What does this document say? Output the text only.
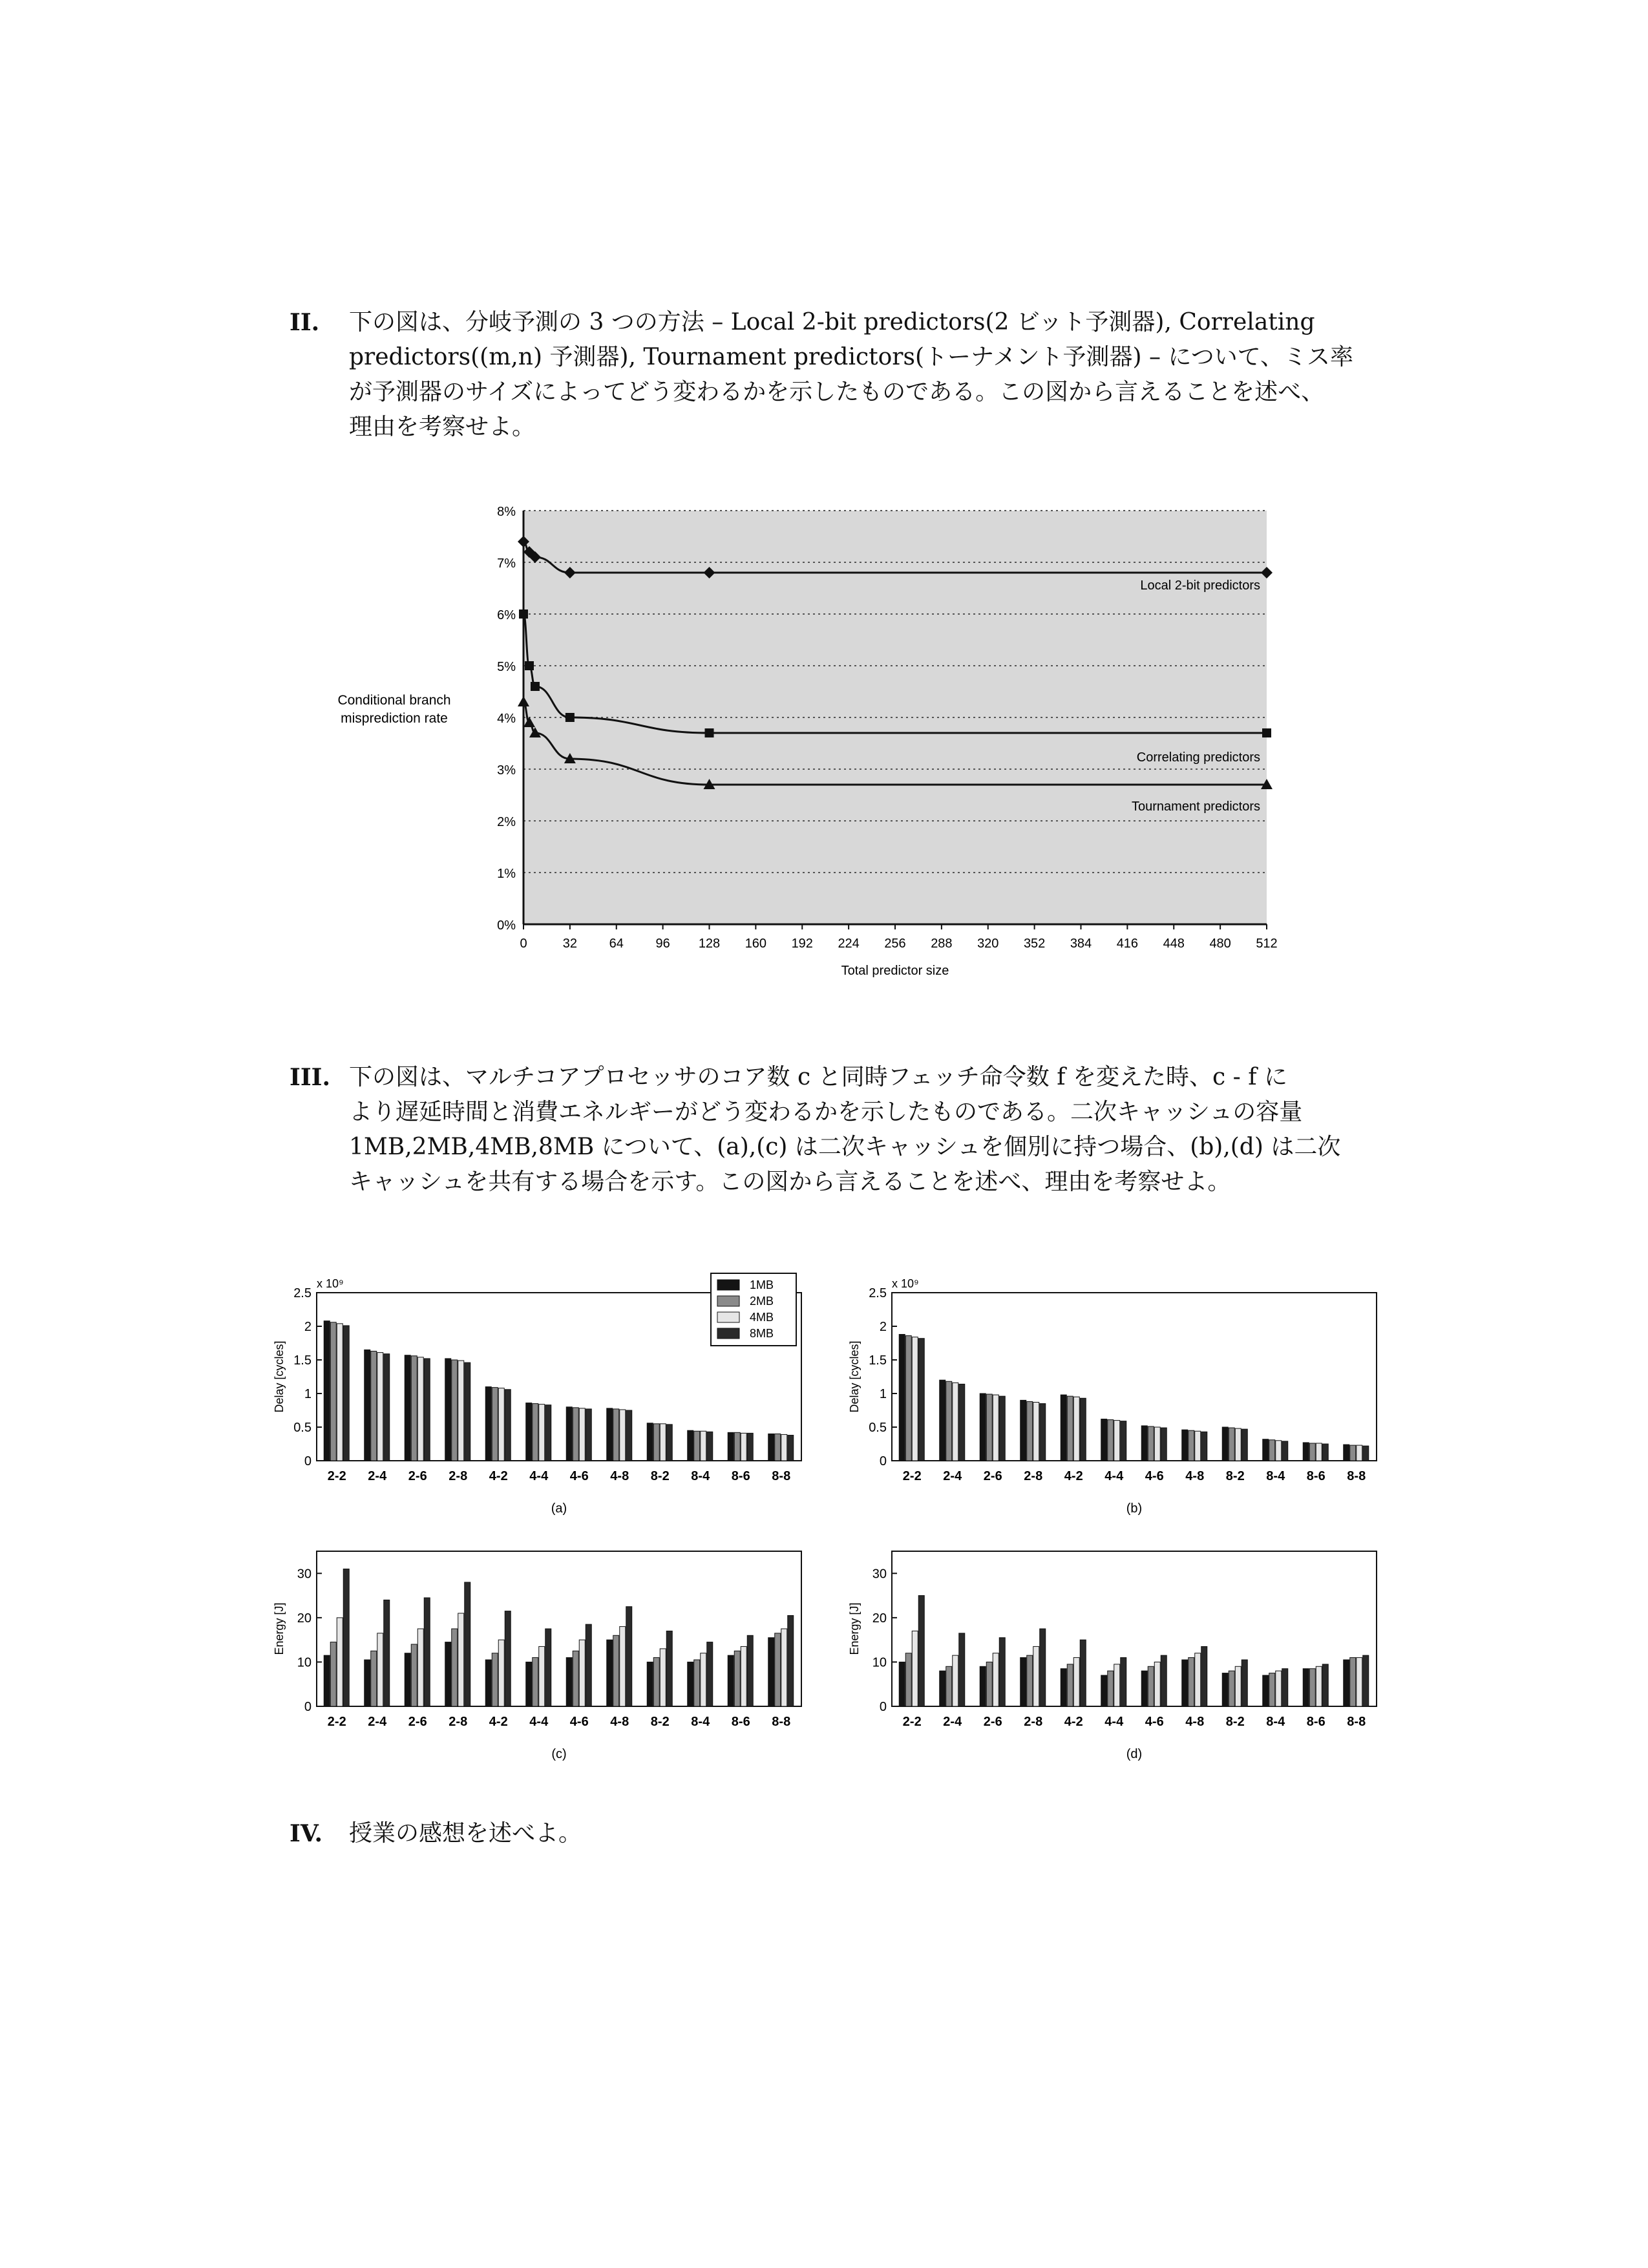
II. 下の図は、分岐予測の 3 つの方法 – Local 2-bit predictors(2 ビット予測器), Correlating
predictors((m,n) 予測器), Tournament predictors(トーナメント予測器) – について、ミス率
が予測器のサイズによってどう変わるかを示したものである。この図から言えることを述べ、
理由を考察せよ。
0%
1%
2%
3%
4%
5%
6%
7%
8%
0	32 64 96 128 160 192 224 256 288 320 352 384 416 448 480 512
Total predictor size
Conditional branch misprediction rate
Local 2-bit predictors
Correlating predictors
Tournament predictors
III. 下の図は、マルチコアプロセッサのコア数 c と同時フェッチ命令数 f を変えた時、c - f に
より遅延時間と消費エネルギーがどう変わるかを示したものである。二次キャッシュの容量
1MB,2MB,4MB,8MB について、(a),(c) は二次キャッシュを個別に持つ場合、(b),(d) は二次
キャッシュを共有する場合を示す。この図から言えることを述べ、理由を考察せよ。
0
0.5
1
1.5
2
2.5
x 10⁹
Delay [cycles]
2-2 2-4 2-6 2-8 4-2 4-4 4-6 4-8 8-2 8-4 8-6 8-8
(a)
1MB
2MB
4MB
8MB
0
0.5
1
1.5
2
2.5
x 10⁹
Delay [cycles]
2-2 2-4 2-6 2-8 4-2 4-4 4-6 4-8 8-2 8-4 8-6 8-8
(b)
0
10
20
30
Energy [J]
2-2 2-4 2-6 2-8 4-2 4-4 4-6 4-8 8-2 8-4 8-6 8-8
(c)
0
10
20
30
Energy [J]
2-2 2-4 2-6 2-8 4-2 4-4 4-6 4-8 8-2 8-4 8-6 8-8
(d)
IV. 授業の感想を述べよ。
